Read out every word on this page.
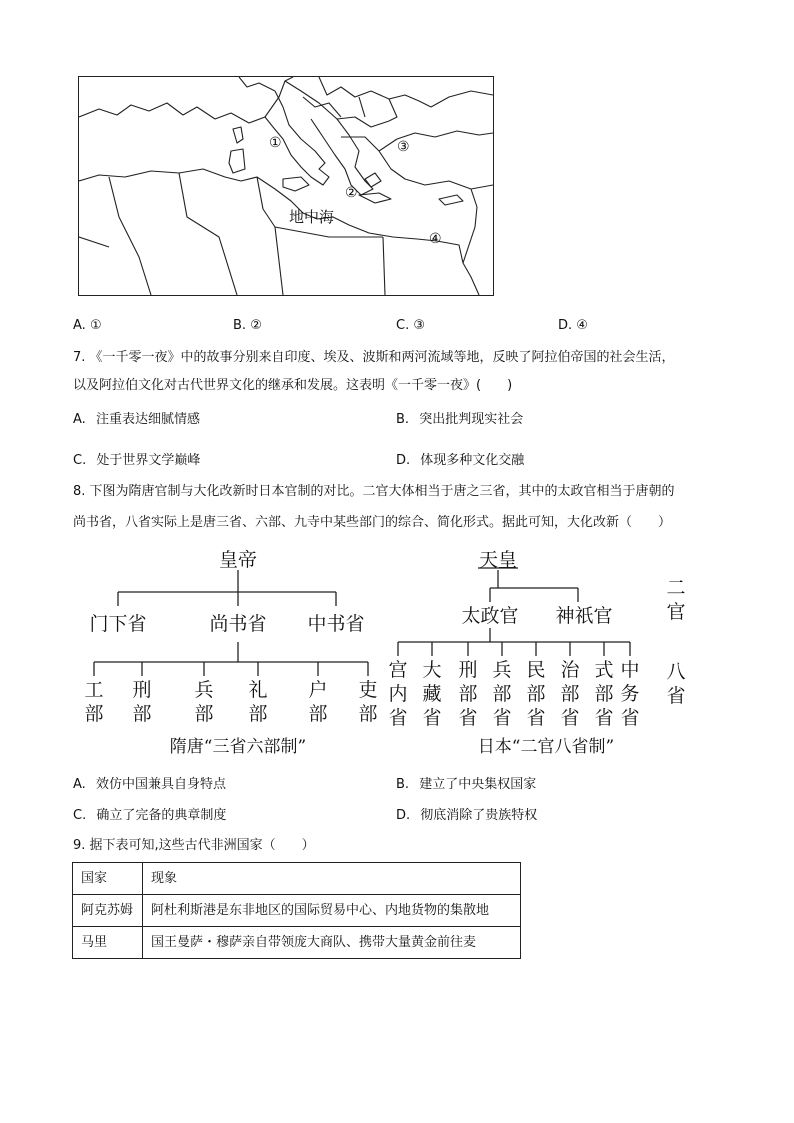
①
②
③
④
地中海
A. ①	B. ②	C. ③	D. ④
7. 《一千零一夜》中的故事分别来自印度、埃及、波斯和两河流域等地，反映了阿拉伯帝国的社会生活，
以及阿拉伯文化对古代世界文化的继承和发展。这表明《一千零一夜》(　　)
A. 注重表达细腻情感	B. 突出批判现实社会
C. 处于世界文学巅峰	D. 体现多种文化交融
8. 下图为隋唐官制与大化改新时日本官制的对比。二官大体相当于唐之三省，其中的太政官相当于唐朝的
尚书省，八省实际上是唐三省、六部、九寺中某些部门的综合、简化形式。据此可知，大化改新（　　）
皇帝
门下省	尚书省 中书省
天皇
太政官 神祇官
隋唐“三省六部制”	日本“二官八省制”
工部
刑部
兵部
礼部
户部
吏部
宫内省
大藏省
刑部省
兵部省
民部省
治部省
式部省
中务省
二官
八省
A. 效仿中国兼具自身特点	B. 建立了中央集权国家
C. 确立了完备的典章制度	D. 彻底消除了贵族特权
9. 据下表可知,这些古代非洲国家（　　）
国家	现象
阿克苏姆	阿杜利斯港是东非地区的国际贸易中心、内地货物的集散地
马里	国王曼萨・穆萨亲自带领庞大商队、携带大量黄金前往麦
